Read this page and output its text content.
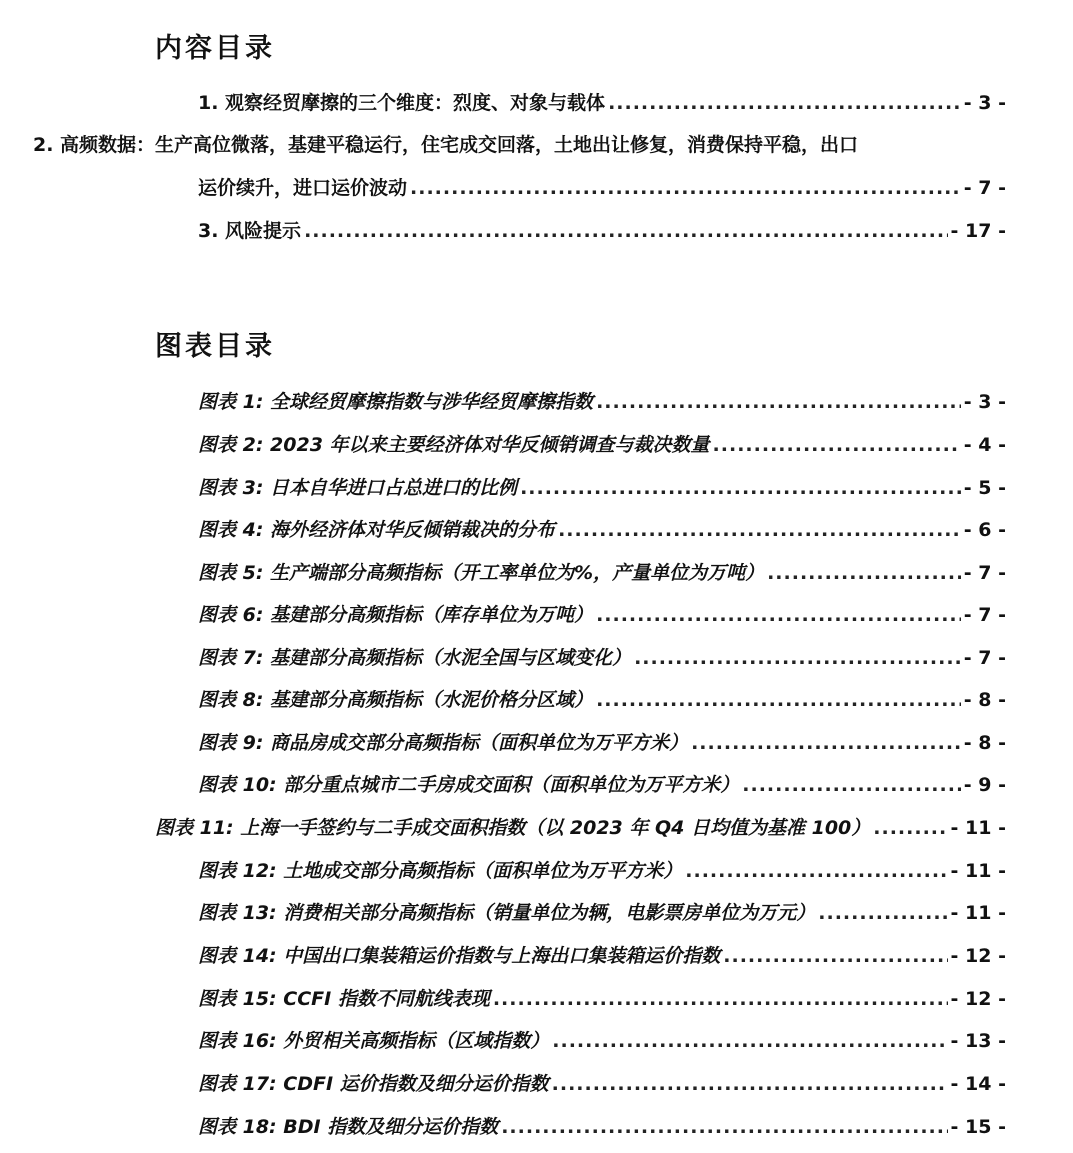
内容目录
1. 观察经贸摩擦的三个维度：烈度、对象与载体 .....	- 3 -
2. 高频数据：生产高位微落，基建平稳运行，住宅成交回落，土地出让修复，消费保持平稳，出口
运价续升，进口运价波动 .....	- 7 -
3. 风险提示 .....	- 17 -
图表目录
图表 1: 全球经贸摩擦指数与涉华经贸摩擦指数 .....	- 3 -
图表 2: 2023 年以来主要经济体对华反倾销调查与裁决数量 .....	- 4 -
图表 3: 日本自华进口占总进口的比例 .....	- 5 -
图表 4: 海外经济体对华反倾销裁决的分布 .....	- 6 -
图表 5: 生产端部分高频指标（开工率单位为%，产量单位为万吨） .....	- 7 -
图表 6: 基建部分高频指标（库存单位为万吨） .....	- 7 -
图表 7: 基建部分高频指标（水泥全国与区域变化） .....	- 7 -
图表 8: 基建部分高频指标（水泥价格分区域） .....	- 8 -
图表 9: 商品房成交部分高频指标（面积单位为万平方米） .....	- 8 -
图表 10: 部分重点城市二手房成交面积（面积单位为万平方米） .....	- 9 -
图表 11: 上海一手签约与二手成交面积指数（以 2023 年 Q4 日均值为基准 100） .....	- 11 -
图表 12: 土地成交部分高频指标（面积单位为万平方米） .....	- 11 -
图表 13: 消费相关部分高频指标（销量单位为辆，电影票房单位为万元） .....	- 11 -
图表 14: 中国出口集装箱运价指数与上海出口集装箱运价指数 .....	- 12 -
图表 15: CCFI 指数不同航线表现 .....	- 12 -
图表 16: 外贸相关高频指标（区域指数） .....	- 13 -
图表 17: CDFI 运价指数及细分运价指数 .....	- 14 -
图表 18: BDI 指数及细分运价指数 .....	- 15 -
